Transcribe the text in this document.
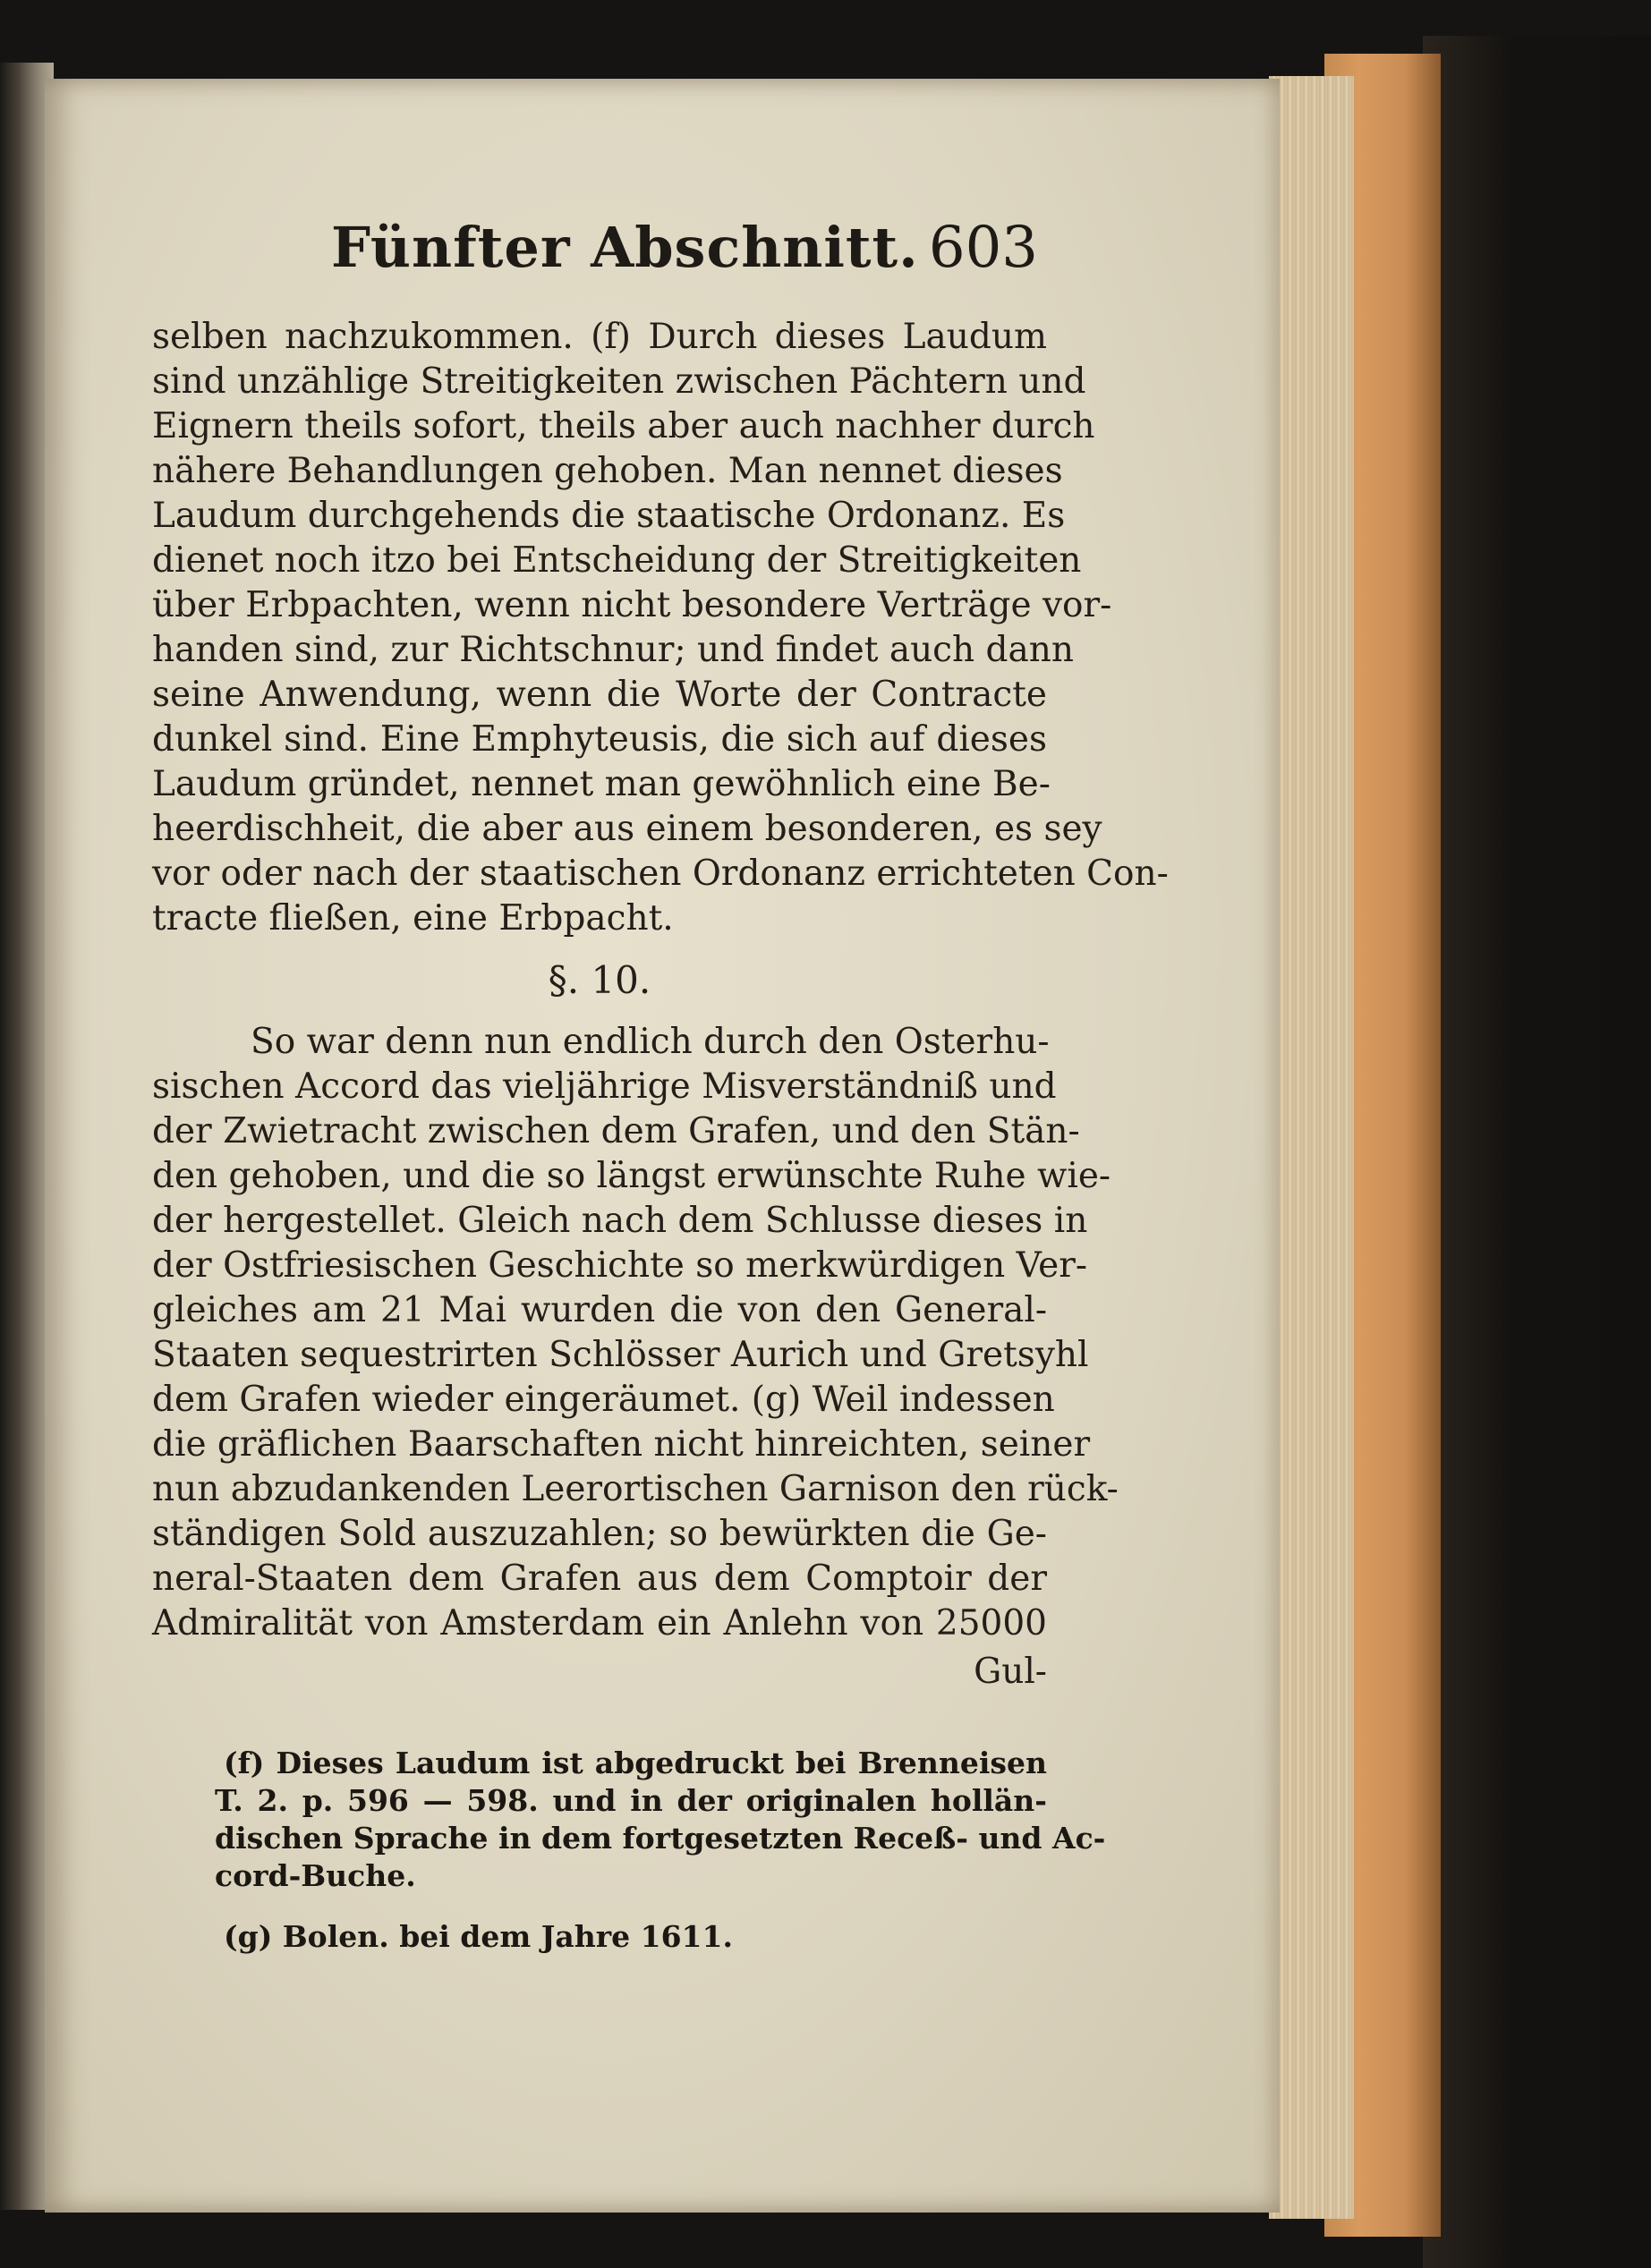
Fünfter Abschnitt. 603
selben nachzukommen. (f) Durch dieses Laudum
sind unzählige Streitigkeiten zwischen Pächtern und
Eignern theils sofort, theils aber auch nachher durch
nähere Behandlungen gehoben. Man nennet dieses
Laudum durchgehends die staatische Ordonanz. Es
dienet noch itzo bei Entscheidung der Streitigkeiten
über Erbpachten, wenn nicht besondere Verträge vor-
handen sind, zur Richtschnur; und findet auch dann
seine Anwendung, wenn die Worte der Contracte
dunkel sind. Eine Emphyteusis, die sich auf dieses
Laudum gründet, nennet man gewöhnlich eine Be-
heerdischheit, die aber aus einem besonderen, es sey
vor oder nach der staatischen Ordonanz errichteten Con-
tracte fließen, eine Erbpacht.
§. 10.
So war denn nun endlich durch den Osterhu-
sischen Accord das vieljährige Misverständniß und
der Zwietracht zwischen dem Grafen, und den Stän-
den gehoben, und die so längst erwünschte Ruhe wie-
der hergestellet. Gleich nach dem Schlusse dieses in
der Ostfriesischen Geschichte so merkwürdigen Ver-
gleiches am 21 Mai wurden die von den General-
Staaten sequestrirten Schlösser Aurich und Gretsyhl
dem Grafen wieder eingeräumet. (g) Weil indessen
die gräflichen Baarschaften nicht hinreichten, seiner
nun abzudankenden Leerortischen Garnison den rück-
ständigen Sold auszuzahlen; so bewürkten die Ge-
neral-Staaten dem Grafen aus dem Comptoir der
Admiralität von Amsterdam ein Anlehn von 25000
Gul-
(f) Dieses Laudum ist abgedruckt bei Brenneisen
T. 2. p. 596 — 598. und in der originalen hollän-
dischen Sprache in dem fortgesetzten Receß- und Ac-
cord-Buche.
(g) Bolen. bei dem Jahre 1611.
